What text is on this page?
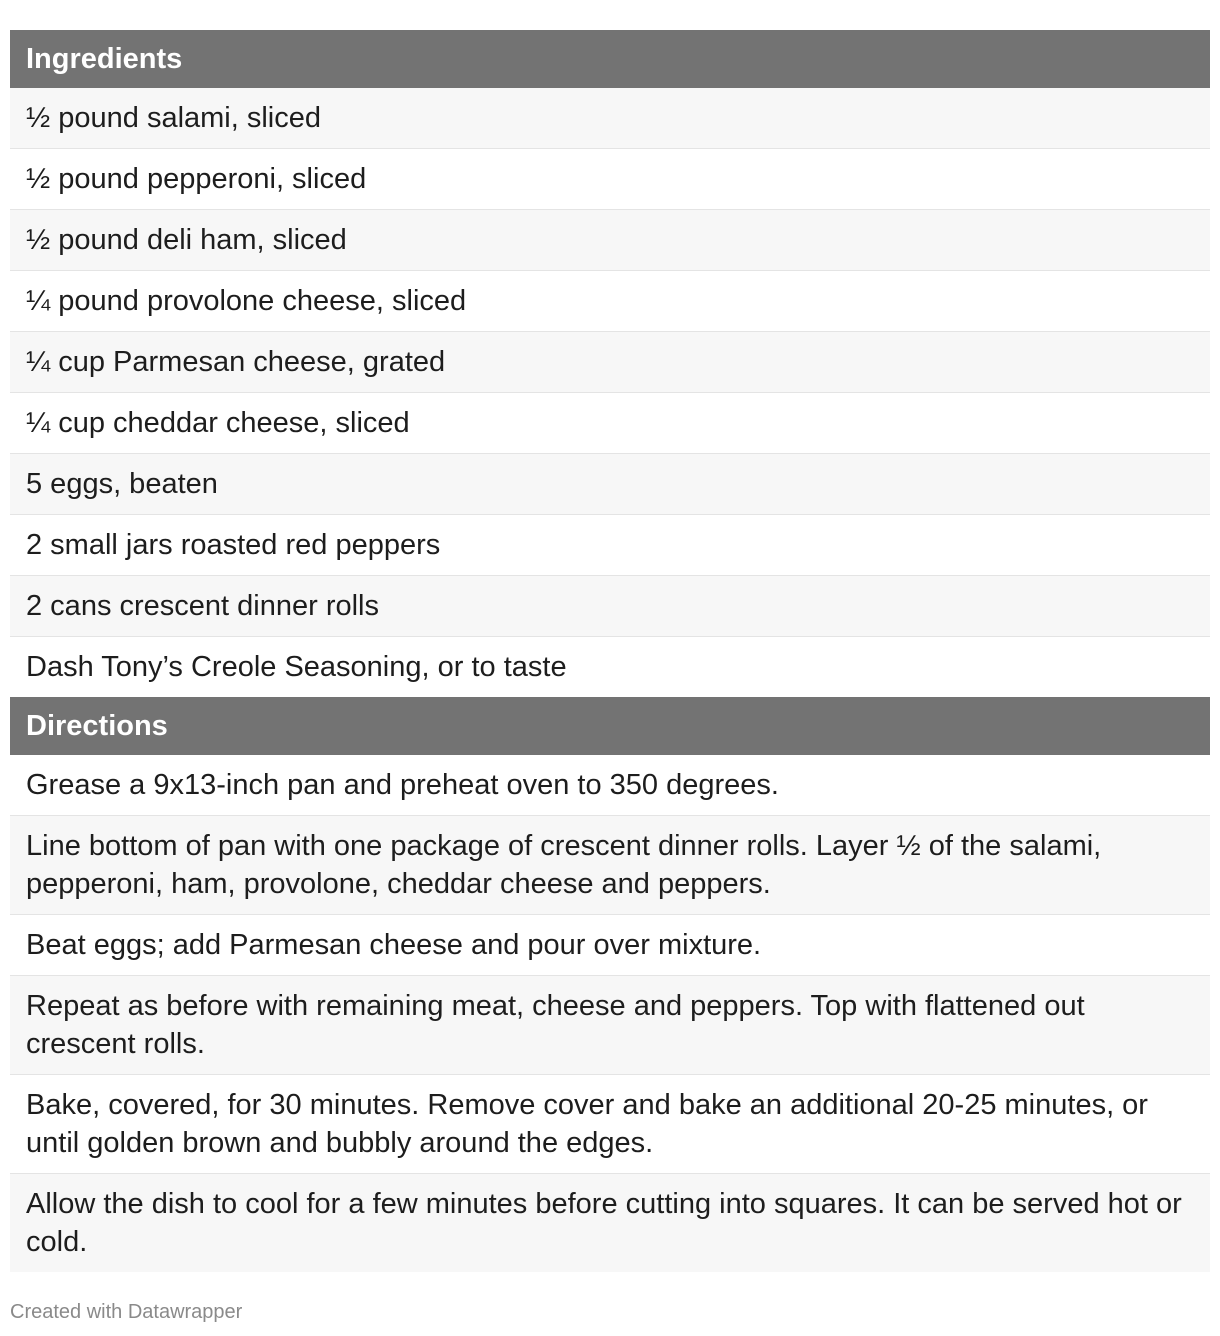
Ingredients
½ pound salami, sliced
½ pound pepperoni, sliced
½ pound deli ham, sliced
¼ pound provolone cheese, sliced
¼ cup Parmesan cheese, grated
¼ cup cheddar cheese, sliced
5 eggs, beaten
2 small jars roasted red peppers
2 cans crescent dinner rolls
Dash Tony’s Creole Seasoning, or to taste
Directions
Grease a 9x13-inch pan and preheat oven to 350 degrees.
Line bottom of pan with one package of crescent dinner rolls. Layer ½ of the salami, pepperoni, ham, provolone, cheddar cheese and peppers.
Beat eggs; add Parmesan cheese and pour over mixture.
Repeat as before with remaining meat, cheese and peppers. Top with flattened out crescent rolls.
Bake, covered, for 30 minutes. Remove cover and bake an additional 20-25 minutes, or until golden brown and bubbly around the edges.
Allow the dish to cool for a few minutes before cutting into squares. It can be served hot or cold.
Created with Datawrapper
